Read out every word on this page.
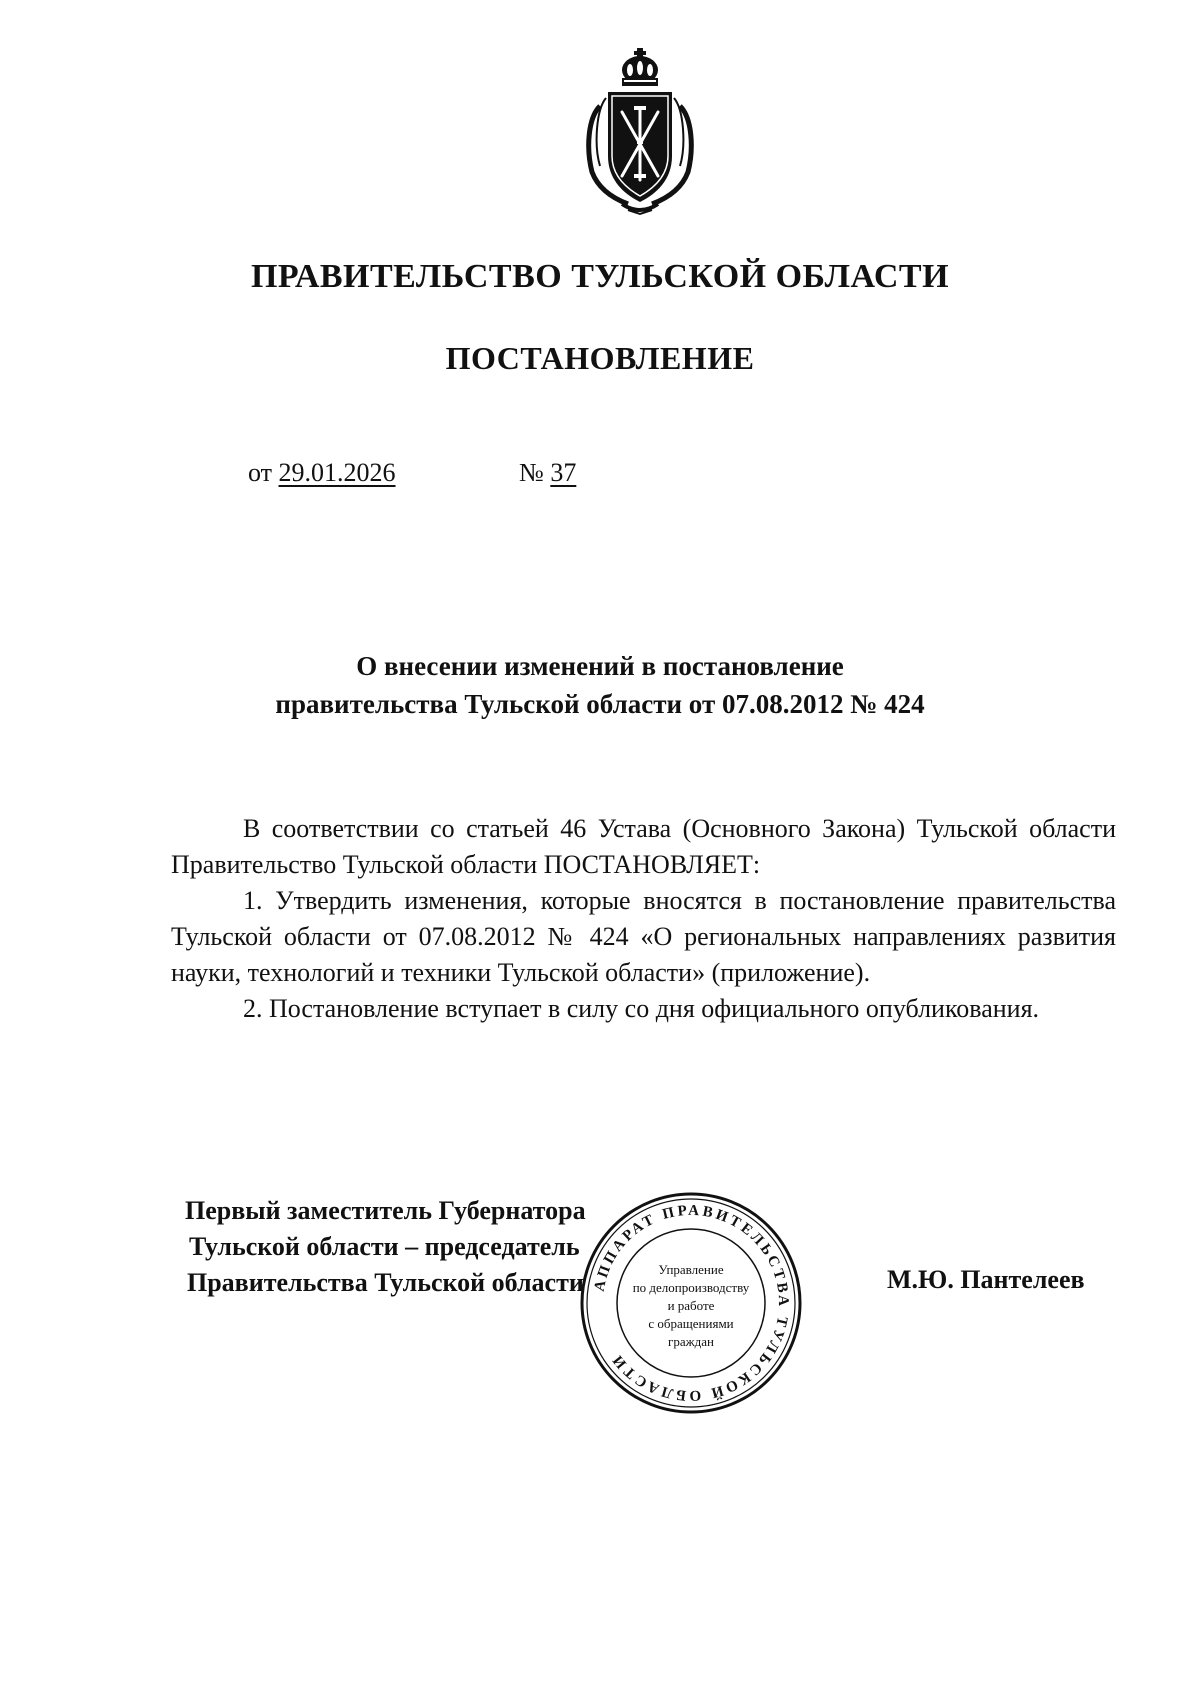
ПРАВИТЕЛЬСТВО ТУЛЬСКОЙ ОБЛАСТИ
ПОСТАНОВЛЕНИЕ
от 29.01.2026	№ 37
О внесении изменений в постановление
правительства Тульской области от 07.08.2012 № 424

В соответствии со статьей 46 Устава (Основного Закона) Тульской области Правительство Тульской области ПОСТАНОВЛЯЕТ:

1. Утвердить изменения, которые вносятся в постановление правительства Тульской области от 07.08.2012 № 424 «О региональных направлениях развития науки, технологий и техники Тульской области» (приложение).

2. Постановление вступает в силу со дня официального опубликования.

Первый заместитель Губернатора
Тульской области – председатель
Правительства Тульской области	М.Ю. Пантелеев
АППАРАТ ПРАВИТЕЛЬСТВА ТУЛЬСКОЙ ОБЛАСТИ
Управление
по делопроизводству
и работе
с обращениями
граждан
